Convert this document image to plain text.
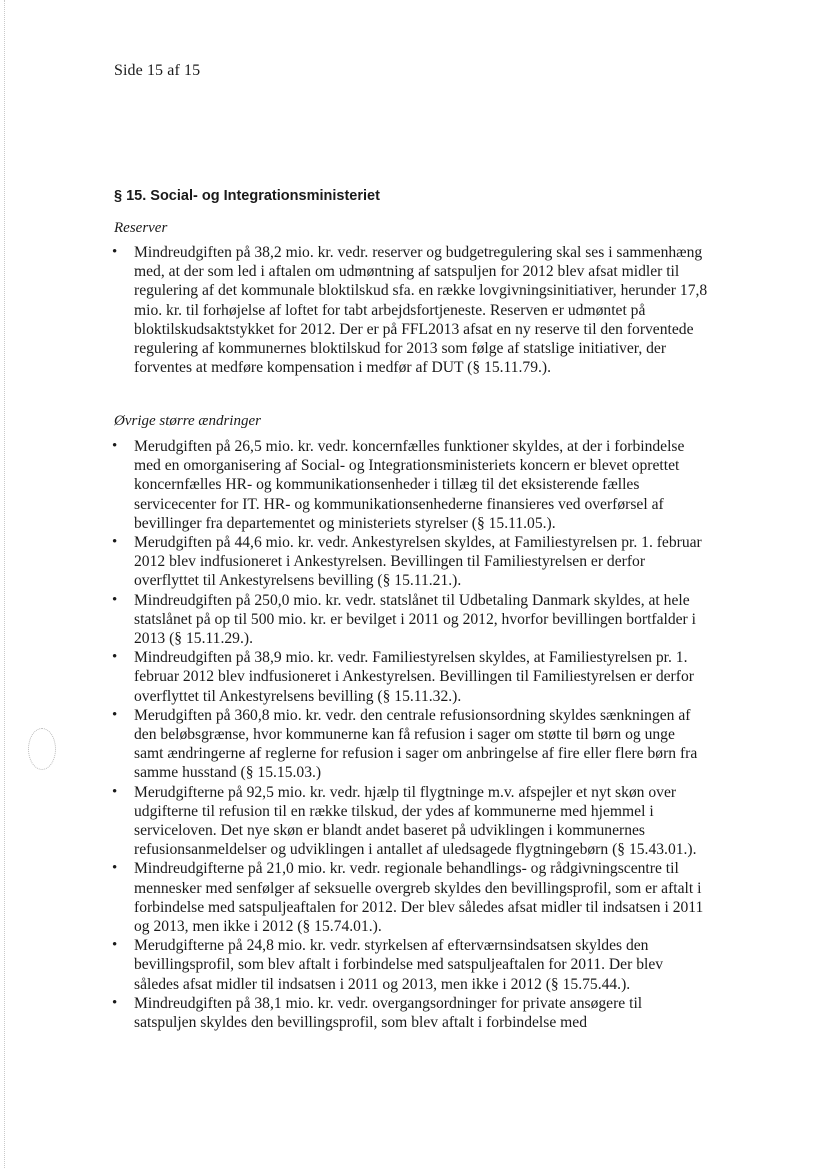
Side 15 af 15
§ 15. Social- og Integrationsministeriet
Reserver
• Mindreudgiften på 38,2 mio. kr. vedr. reserver og budgetregulering skal ses i sammenhæng med, at der som led i aftalen om udmøntning af satspuljen for 2012 blev afsat midler til regulering af det kommunale bloktilskud sfa. en række lovgivningsinitiativer, herunder 17,8 mio. kr. til forhøjelse af loftet for tabt arbejdsfortjeneste. Reserven er udmøntet på bloktilskudsaktstykket for 2012. Der er på FFL2013 afsat en ny reserve til den forventede regulering af kommunernes bloktilskud for 2013 som følge af statslige initiativer, der forventes at medføre kompensation i medfør af DUT (§ 15.11.79.).
Øvrige større ændringer
• Merudgiften på 26,5 mio. kr. vedr. koncernfælles funktioner skyldes, at der i forbindelse med en omorganisering af Social- og Integrationsministeriets koncern er blevet oprettet koncernfælles HR- og kommunikationsenheder i tillæg til det eksisterende fælles servicecenter for IT. HR- og kommunikationsenhederne finansieres ved overførsel af bevillinger fra departementet og ministeriets styrelser (§ 15.11.05.).
• Merudgiften på 44,6 mio. kr. vedr. Ankestyrelsen skyldes, at Familiestyrelsen pr. 1. februar 2012 blev indfusioneret i Ankestyrelsen. Bevillingen til Familiestyrelsen er derfor overflyttet til Ankestyrelsens bevilling (§ 15.11.21.).
• Mindreudgiften på 250,0 mio. kr. vedr. statslånet til Udbetaling Danmark skyldes, at hele statslånet på op til 500 mio. kr. er bevilget i 2011 og 2012, hvorfor bevillingen bortfalder i 2013 (§ 15.11.29.).
• Mindreudgiften på 38,9 mio. kr. vedr. Familiestyrelsen skyldes, at Familiestyrelsen pr. 1. februar 2012 blev indfusioneret i Ankestyrelsen. Bevillingen til Familiestyrelsen er derfor overflyttet til Ankestyrelsens bevilling (§ 15.11.32.).
• Merudgiften på 360,8 mio. kr. vedr. den centrale refusionsordning skyldes sænkningen af den beløbsgrænse, hvor kommunerne kan få refusion i sager om støtte til børn og unge samt ændringerne af reglerne for refusion i sager om anbringelse af fire eller flere børn fra samme husstand (§ 15.15.03.)
• Merudgifterne på 92,5 mio. kr. vedr. hjælp til flygtninge m.v. afspejler et nyt skøn over udgifterne til refusion til en række tilskud, der ydes af kommunerne med hjemmel i serviceloven. Det nye skøn er blandt andet baseret på udviklingen i kommunernes refusionsanmeldelser og udviklingen i antallet af uledsagede flygtningebørn (§ 15.43.01.).
• Mindreudgifterne på 21,0 mio. kr. vedr. regionale behandlings- og rådgivningscentre til mennesker med senfølger af seksuelle overgreb skyldes den bevillingsprofil, som er aftalt i forbindelse med satspuljeaftalen for 2012. Der blev således afsat midler til indsatsen i 2011 og 2013, men ikke i 2012 (§ 15.74.01.).
• Merudgifterne på 24,8 mio. kr. vedr. styrkelsen af efterværnsindsatsen skyldes den bevillingsprofil, som blev aftalt i forbindelse med satspuljeaftalen for 2011. Der blev således afsat midler til indsatsen i 2011 og 2013, men ikke i 2012 (§ 15.75.44.).
• Mindreudgiften på 38,1 mio. kr. vedr. overgangsordninger for private ansøgere til satspuljen skyldes den bevillingsprofil, som blev aftalt i forbindelse med
